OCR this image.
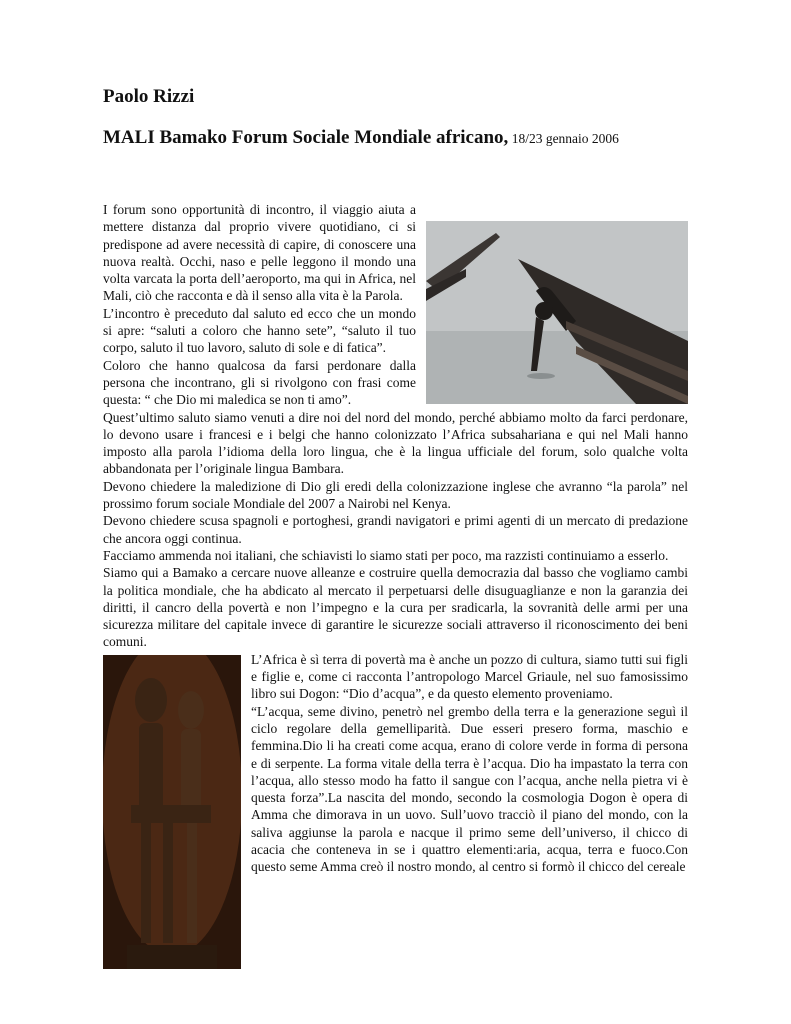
Paolo Rizzi
MALI Bamako Forum Sociale Mondiale africano, 18/23 gennaio 2006

I forum sono opportunità di incontro, il viaggio aiuta a mettere distanza dal proprio vivere quotidiano, ci si predispone ad avere necessità di capire, di conoscere una nuova realtà. Occhi, naso e pelle leggono il mondo una volta varcata la porta dell’aeroporto, ma qui in Africa, nel Mali, ciò che racconta e dà il senso alla vita è la Parola.

L’incontro è preceduto dal saluto ed ecco che un mondo si apre: “saluti a coloro che hanno sete”, “saluto il tuo corpo, saluto il tuo lavoro, saluto di sole e di fatica”.

Coloro che hanno qualcosa da farsi perdonare dalla persona che incontrano, gli si rivolgono con frasi come questa: “ che Dio mi maledica se non ti amo”.

Quest’ultimo saluto siamo venuti a dire noi del nord del mondo, perché abbiamo molto da farci perdonare, lo devono usare i francesi e i belgi che hanno colonizzato l’Africa subsahariana e qui nel Mali hanno imposto alla parola l’idioma della loro lingua, che è la lingua ufficiale del forum, solo qualche volta abbandonata per l’originale lingua Bambara.

Devono chiedere la maledizione di Dio gli eredi della colonizzazione inglese che avranno “la parola” nel prossimo forum sociale Mondiale del 2007 a Nairobi nel Kenya.

Devono chiedere scusa spagnoli e portoghesi, grandi navigatori e primi agenti di un mercato di predazione che ancora oggi continua.

Facciamo ammenda noi italiani, che schiavisti lo siamo stati per poco, ma razzisti continuiamo a esserlo.

Siamo qui a Bamako a cercare nuove alleanze e costruire quella democrazia dal basso che vogliamo cambi la politica mondiale, che ha abdicato al mercato il perpetuarsi delle disuguaglianze e non la garanzia dei diritti, il cancro della povertà e non l’impegno e la cura per sradicarla, la sovranità delle armi per una sicurezza militare del capitale invece di garantire le sicurezze sociali attraverso il riconoscimento dei beni comuni.

L’Africa è sì terra di povertà ma è anche un pozzo di cultura, siamo tutti sui figli e figlie e, come ci racconta l’antropologo Marcel Griaule, nel suo famosissimo libro sui Dogon: “Dio d’acqua”, e da questo elemento proveniamo.

“L’acqua, seme divino, penetrò nel grembo della terra e la generazione seguì il ciclo regolare della gemelliparità. Due esseri presero forma, maschio e femmina.Dio li ha creati come acqua, erano di colore verde in forma di persona e di serpente. La forma vitale della terra è l’acqua. Dio ha impastato la terra con l’acqua, allo stesso modo ha fatto il sangue con l’acqua, anche nella pietra vi è questa forza”.La nascita del mondo, secondo la cosmologia Dogon è opera di Amma che dimorava in un uovo. Sull’uovo tracciò il piano del mondo, con la saliva aggiunse la parola e nacque il primo seme dell’universo, il chicco di acacia che conteneva in se i quattro elementi:aria, acqua, terra e fuoco.Con questo seme Amma creò il nostro mondo, al centro si formò il chicco del cereale
